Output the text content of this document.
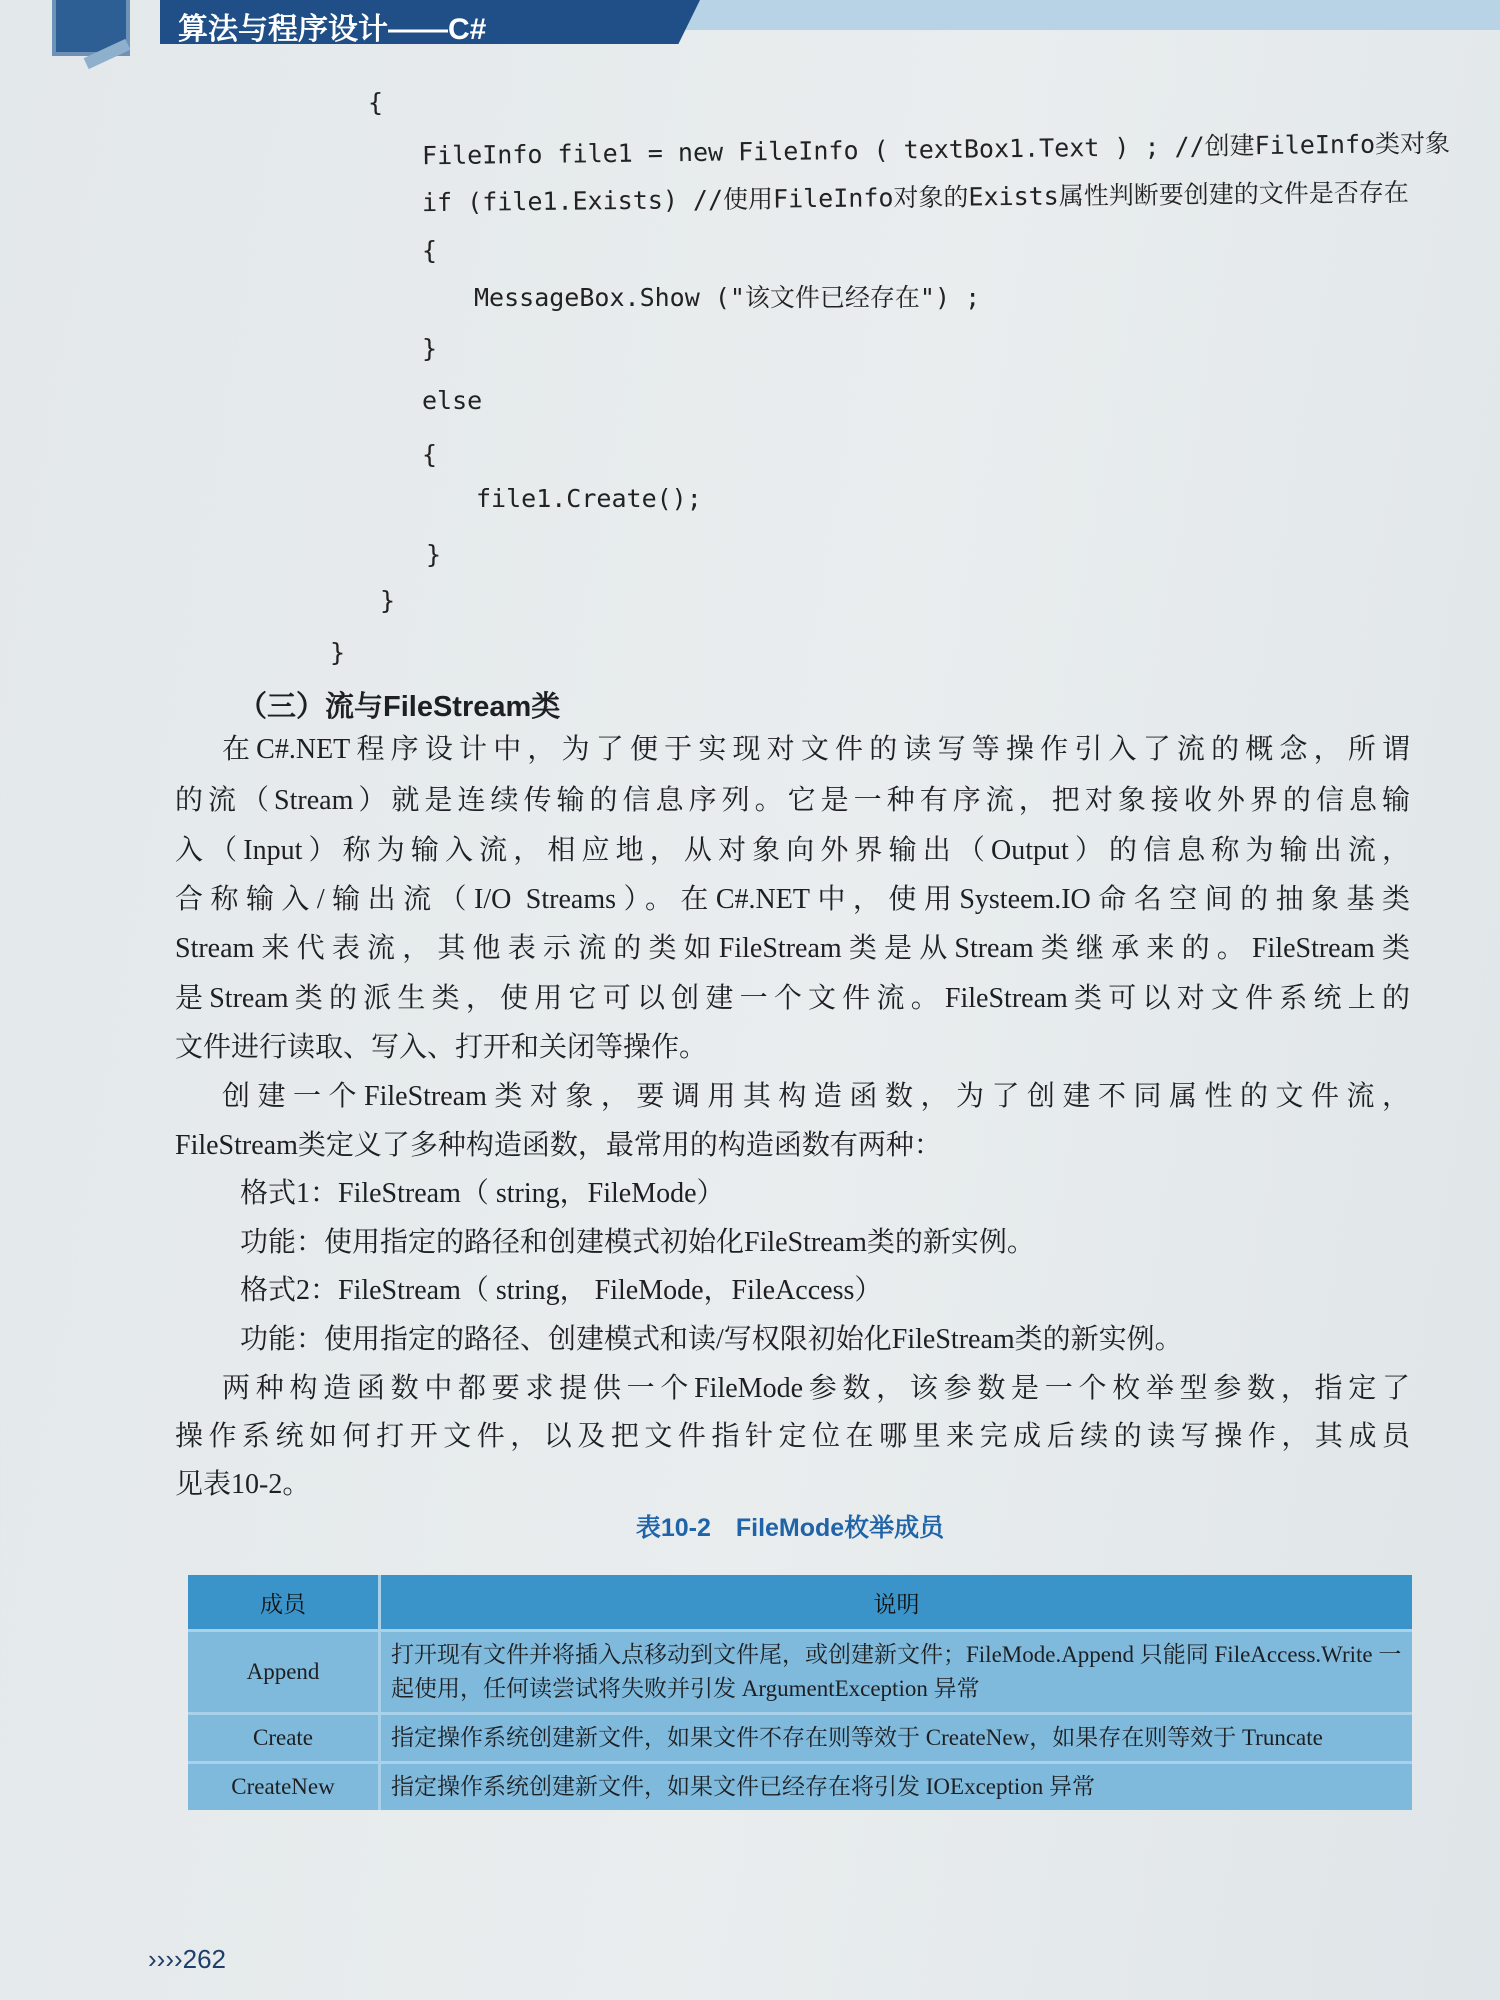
算法与程序设计——C#
{
FileInfo file1 = new FileInfo ( textBox1.Text ) ; //创建FileInfo类对象
if (file1.Exists) //使用FileInfo对象的Exists属性判断要创建的文件是否存在
{
MessageBox.Show ("该文件已经存在") ;
}
else
{
file1.Create();
}
}
}
（三）流与FileStream类
在C#.NET程序设计中，为了便于实现对文件的读写等操作引入了流的概念，所谓
的流（Stream）就是连续传输的信息序列。它是一种有序流，把对象接收外界的信息输
入（Input）称为输入流，相应地，从对象向外界输出（Output）的信息称为输出流，
合称输入/输出流（I/O Streams）。在C#.NET中，使用Systeem.IO命名空间的抽象基类
Stream来代表流，其他表示流的类如FileStream类是从Stream类继承来的。FileStream类
是Stream类的派生类，使用它可以创建一个文件流。FileStream类可以对文件系统上的
文件进行读取、写入、打开和关闭等操作。
创建一个FileStream类对象，要调用其构造函数，为了创建不同属性的文件流，
FileStream类定义了多种构造函数，最常用的构造函数有两种：
格式1：FileStream（ string，FileMode）
功能：使用指定的路径和创建模式初始化FileStream类的新实例。
格式2：FileStream（ string， FileMode，FileAccess）
功能：使用指定的路径、创建模式和读/写权限初始化FileStream类的新实例。
两种构造函数中都要求提供一个FileMode参数，该参数是一个枚举型参数，指定了
操作系统如何打开文件，以及把文件指针定位在哪里来完成后续的读写操作，其成员
见表10-2。
表10-2　FileMode枚举成员
成员	说明
Append	打开现有文件并将插入点移动到文件尾，或创建新文件；FileMode.Append 只能同 FileAccess.Write 一起使用，任何读尝试将失败并引发 ArgumentException 异常
Create	指定操作系统创建新文件，如果文件不存在则等效于 CreateNew，如果存在则等效于 Truncate
CreateNew	指定操作系统创建新文件，如果文件已经存在将引发 IOException 异常
››››262
